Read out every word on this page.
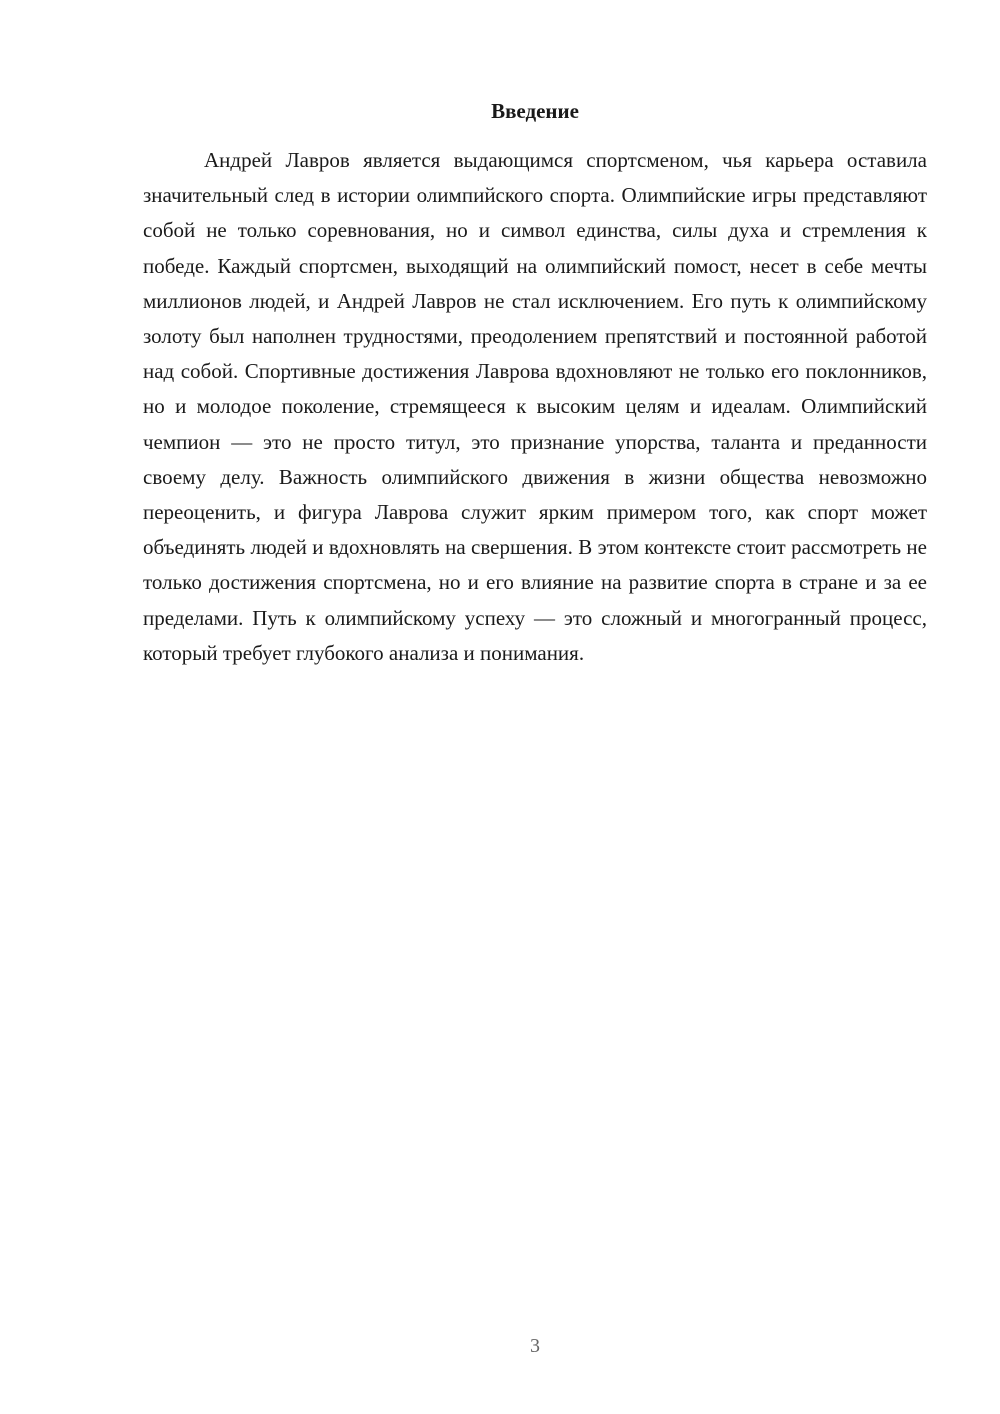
Введение

Андрей Лавров является выдающимся спортсменом, чья карьера оставила значительный след в истории олимпийского спорта. Олимпийские игры представляют собой не только соревнования, но и символ единства, силы духа и стремления к победе. Каждый спортсмен, выходящий на олимпийский помост, несет в себе мечты миллионов людей, и Андрей Лавров не стал исключением. Его путь к олимпийскому золоту был наполнен трудностями, преодолением препятствий и постоянной работой над собой. Спортивные достижения Лаврова вдохновляют не только его поклонников, но и молодое поколение, стремящееся к высоким целям и идеалам. Олимпийский чемпион — это не просто титул, это признание упорства, таланта и преданности своему делу. Важность олимпийского движения в жизни общества невозможно переоценить, и фигура Лаврова служит ярким примером того, как спорт может объединять людей и вдохновлять на свершения. В этом контексте стоит рассмотреть не только достижения спортсмена, но и его влияние на развитие спорта в стране и за ее пределами. Путь к олимпийскому успеху — это сложный и многогранный процесс, который требует глубокого анализа и понимания.

3
